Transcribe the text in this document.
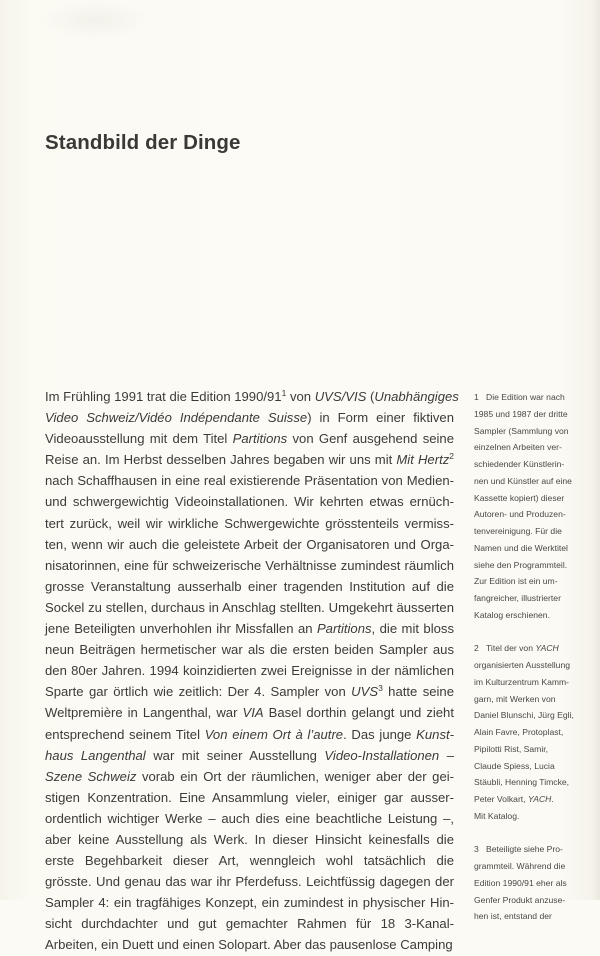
Standbild der Dinge
Im Frühling 1991 trat die Edition $1990/91^1$ von UVS/VIS (Unabhängiges
Video Schweiz/Vidéo Indépendante Suisse) in Form einer fiktiven
Videoausstellung mit dem Titel Partitions von Genf ausgehend seine
Reise an. Im Herbst desselben Jahres begaben wir uns mit Mit Hertz$^2$
nach Schaffhausen in eine real existierende Präsentation von Medien-
und schwergewichtig Videoinstallationen. Wir kehrten etwas ernüch-
tert zurück, weil wir wirkliche Schwergewichte grösstenteils vermiss-
ten, wenn wir auch die geleistete Arbeit der Organisatoren und Orga-
nisatorinnen, eine für schweizerische Verhältnisse zumindest räumlich
grosse Veranstaltung ausserhalb einer tragenden Institution auf die
Sockel zu stellen, durchaus in Anschlag stellten. Umgekehrt äusserten
jene Beteiligten unverhohlen ihr Missfallen an Partitions, die mit bloss
neun Beiträgen hermetischer war als die ersten beiden Sampler aus
den 80er Jahren. 1994 koinzidierten zwei Ereignisse in der nämlichen
Sparte gar örtlich wie zeitlich: Der 4. Sampler von UVS$^3$ hatte seine
Weltpremière in Langenthal, war VIA Basel dorthin gelangt und zieht
entsprechend seinem Titel Von einem Ort à l’autre. Das junge Kunst-
haus Langenthal war mit seiner Ausstellung Video-Installationen –
Szene Schweiz vorab ein Ort der räumlichen, weniger aber der gei-
stigen Konzentration. Eine Ansammlung vieler, einiger gar ausser-
ordentlich wichtiger Werke – auch dies eine beachtliche Leistung –,
aber keine Ausstellung als Werk. In dieser Hinsicht keinesfalls die
erste Begehbarkeit dieser Art, wenngleich wohl tatsächlich die
grösste. Und genau das war ihr Pferdefuss. Leichtfüssig dagegen der
Sampler 4: ein tragfähiges Konzept, ein zumindest in physischer Hin-
sicht durchdachter und gut gemachter Rahmen für 18 3-Kanal-
Arbeiten, ein Duett und einen Solopart. Aber das pausenlose Camping
1 Die Edition war nach
1985 und 1987 der dritte
Sampler (Sammlung von
einzelnen Arbeiten ver-
schiedender Künstlerin-
nen und Künstler auf eine
Kassette kopiert) dieser
Autoren- und Produzen-
tenvereinigung. Für die
Namen und die Werktitel
siehe den Programmteil.
Zur Edition ist ein um-
fangreicher, illustrierter
Katalog erschienen.
2 Titel der von YACH
organisierten Ausstellung
im Kulturzentrum Kamm-
garn, mit Werken von
Daniel Blunschi, Jürg Egli,
Alain Favre, Protoplast,
Pipilotti Rist, Samir,
Claude Spiess, Lucia
Stäubli, Henning Timcke,
Peter Volkart, YACH.
Mit Katalog.
3 Beteiligte siehe Pro-
grammteil. Während die
Edition 1990/91 eher als
Genfer Produkt anzuse-
hen ist, entstand der
